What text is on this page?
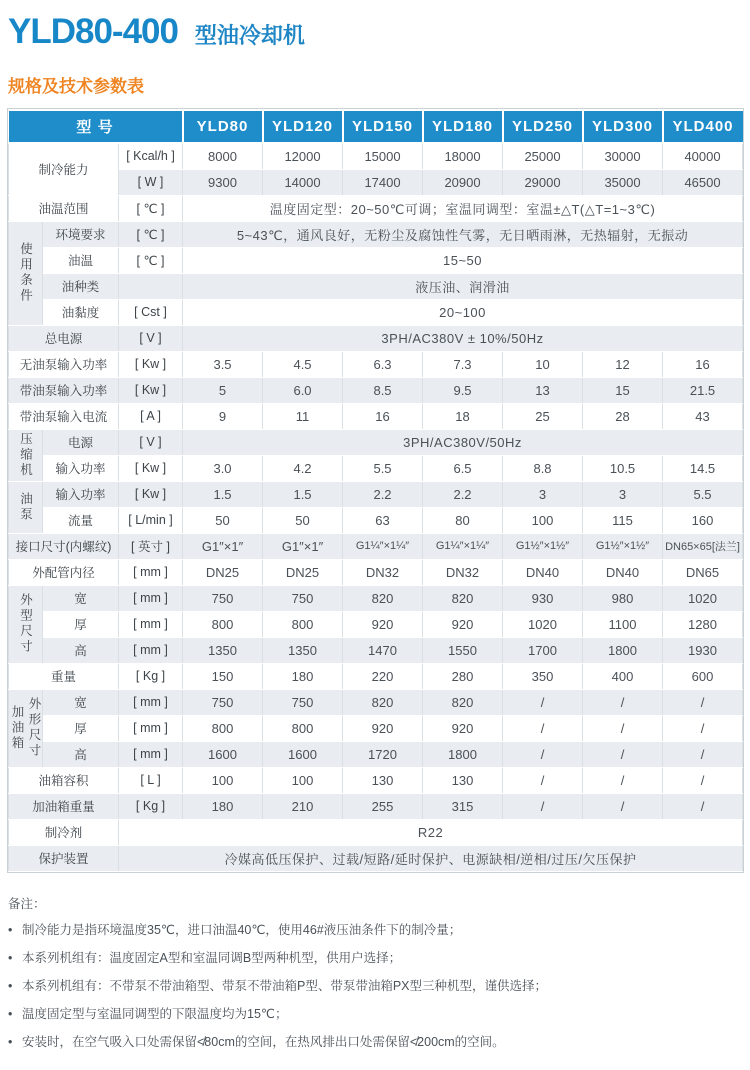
YLD80-400 型油冷却机
规格及技术参数表
型 号			YLD80	YLD120	YLD150	YLD180	YLD250	YLD300	YLD400
制冷能力		[ Kcal/h ]	8000	12000	15000	18000	25000	30000	40000
		[ W ]	9300	14000	17400	20900	29000	35000	46500
油温范围		[ ℃ ]	温度固定型：20~50℃可调；室温同调型：室温±△T(△T=1~3℃)						

使用条件	环境要求	[ ℃ ]	5~43℃，通风良好，无粉尘及腐蚀性气雾，无日晒雨淋，无热辐射，无振动						
	油温	[ ℃ ]	15~50						
	油种类		液压油、润滑油						
	油黏度	[ Cst ]	20~100						
总电源		[ V ]	3PH/AC380V ± 10%/50Hz						
无油泵输入功率		[ Kw ]	3.5	4.5	6.3	7.3	10	12	16
带油泵输入功率		[ Kw ]	5	6.0	8.5	9.5	13	15	21.5
带油泵输入电流		[ A ]	9	11	16	18	25	28	43

压缩机	电源	[ V ]	3PH/AC380V/50Hz						
	输入功率	[ Kw ]	3.0	4.2	5.5	6.5	8.8	10.5	14.5

油泵	输入功率	[ Kw ]	1.5	1.5	2.2	2.2	3	3	5.5
	流量	[ L/min ]	50	50	63	80	100	115	160
接口尺寸(内螺纹)		[ 英寸 ]	G1″×1″	G1″×1″	G1¼″×1¼″	G1¼″×1¼″	G1½″×1½″	G1½″×1½″	DN65×65[法兰]
外配管内径		[ mm ]	DN25	DN25	DN32	DN32	DN40	DN40	DN65

外型尺寸	宽	[ mm ]	750	750	820	820	930	980	1020
	厚	[ mm ]	800	800	920	920	1020	1100	1280
	高	[ mm ]	1350	1350	1470	1550	1700	1800	1930
重量		[ Kg ]	150	180	220	280	350	400	600

加油箱 外形尺寸	宽	[ mm ]	750	750	820	820	/	/	/
	厚	[ mm ]	800	800	920	920	/	/	/
	高	[ mm ]	1600	1600	1720	1800	/	/	/
油箱容积		[ L ]	100	100	130	130	/	/	/
加油箱重量		[ Kg ]	180	210	255	315	/	/	/
制冷剂		R22							
保护装置		冷媒高低压保护、过载/短路/延时保护、电源缺相/逆相/过压/欠压保护							
备注：
• 制冷能力是指环境温度35℃，进口油温40℃，使用46#液压油条件下的制冷量；
• 本系列机组有：温度固定A型和室温同调B型两种机型，供用户选择；
• 本系列机组有：不带泵不带油箱型、带泵不带油箱P型、带泵带油箱PX型三种机型，谨供选择；
• 温度固定型与室温同调型的下限温度均为15℃；
• 安装时，在空气吸入口处需保留≮80cm的空间，在热风排出口处需保留≮200cm的空间。
